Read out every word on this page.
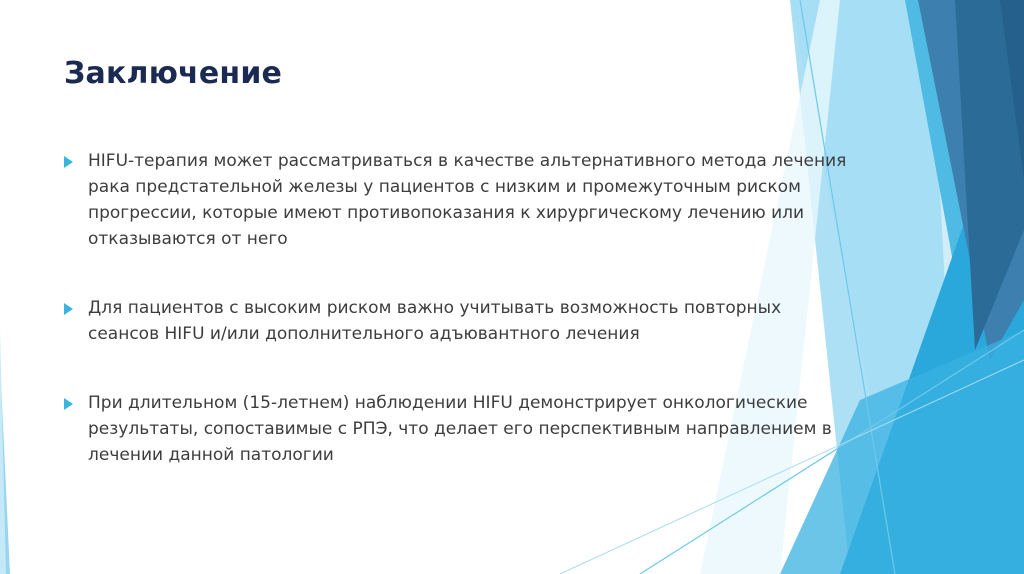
Заключение
HIFU-терапия может рассматриваться в качестве альтернативного метода лечения рака предстательной железы у пациентов с низким и промежуточным риском прогрессии, которые имеют противопоказания к хирургическому лечению или отказываются от него
Для пациентов с высоким риском важно учитывать возможность повторных сеансов HIFU и/или дополнительного адъювантного лечения
При длительном (15-летнем) наблюдении HIFU демонстрирует онкологические результаты, сопоставимые с РПЭ, что делает его перспективным направлением в лечении данной патологии
